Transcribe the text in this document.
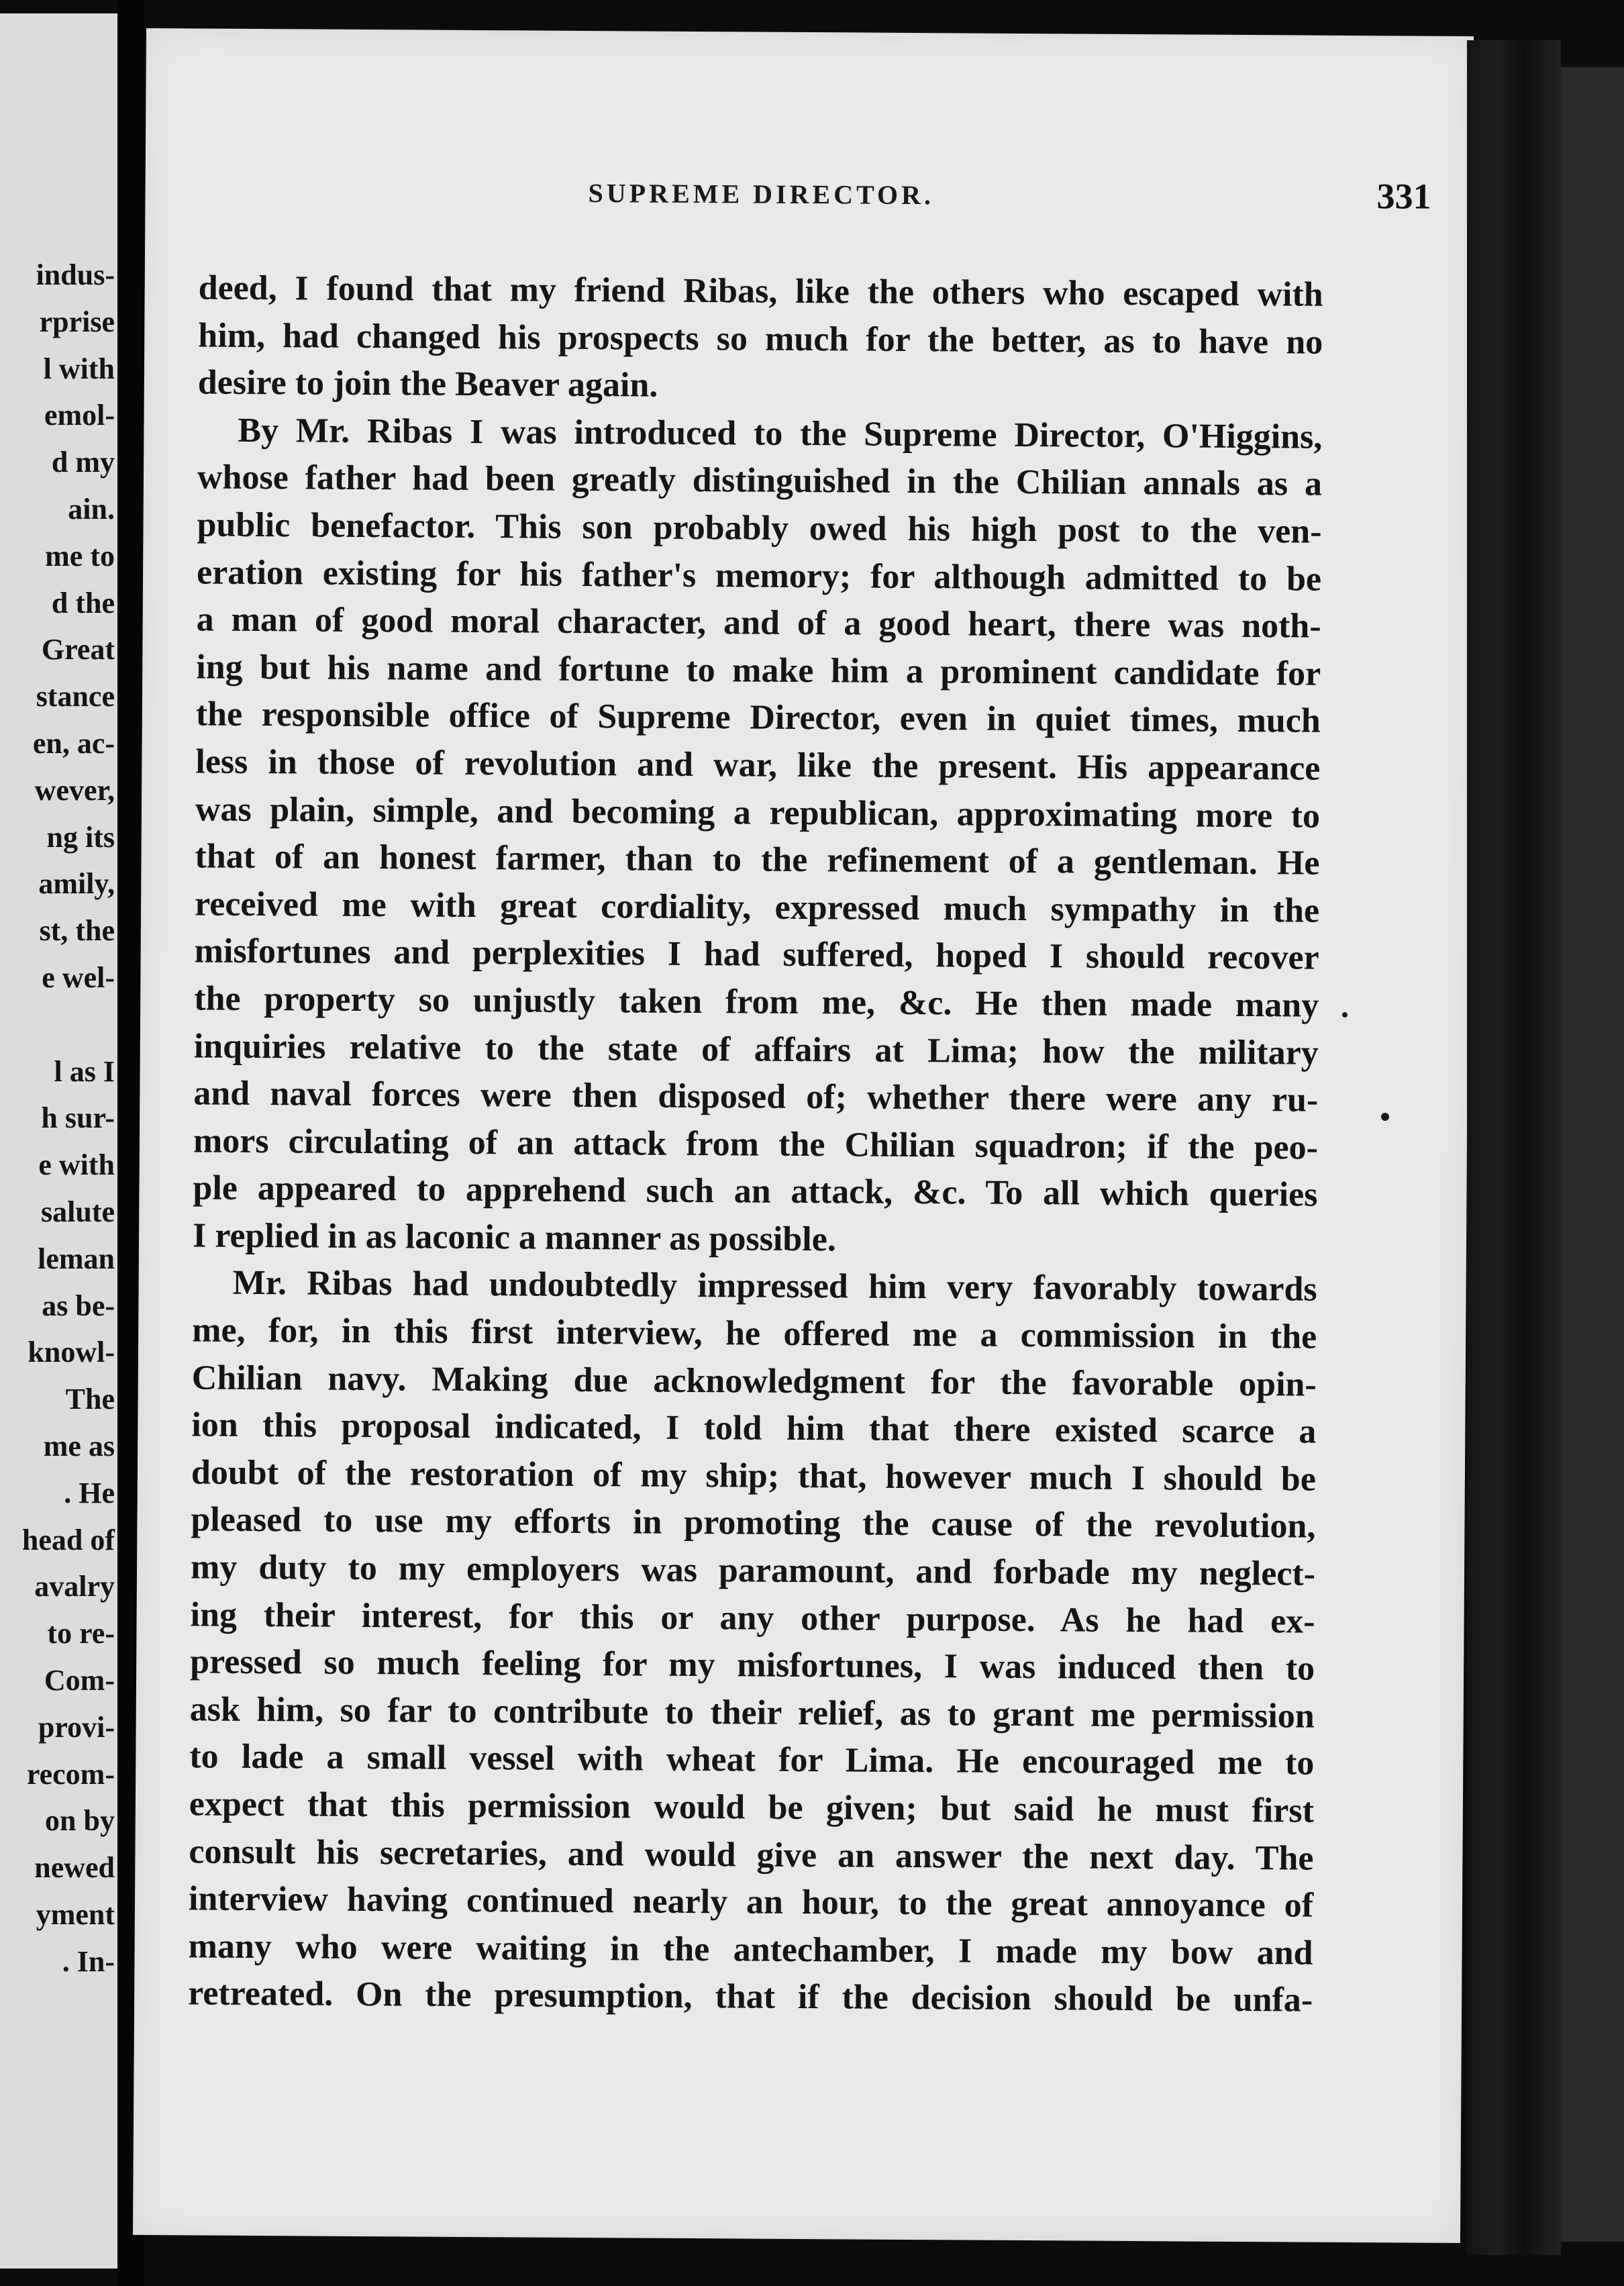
indus-
rprise
l with
emol-
d my
ain.
me to
d the
Great
stance
en, ac-
wever,
ng its
amily,
st, the
e wel-

l as I
h sur-
e with
salute
leman
as be-
knowl-
The
me as
. He
head of
avalry
to re-
Com-
provi-
recom-
on by
newed
yment
. In-
SUPREME DIRECTOR.	331
deed, I found that my friend Ribas, like the others who escaped with
him, had changed his prospects so much for the better, as to have no
desire to join the Beaver again.
By Mr. Ribas I was introduced to the Supreme Director, O'Higgins,
whose father had been greatly distinguished in the Chilian annals as a
public benefactor. This son probably owed his high post to the ven-
eration existing for his father's memory; for although admitted to be
a man of good moral character, and of a good heart, there was noth-
ing but his name and fortune to make him a prominent candidate for
the responsible office of Supreme Director, even in quiet times, much
less in those of revolution and war, like the present. His appearance
was plain, simple, and becoming a republican, approximating more to
that of an honest farmer, than to the refinement of a gentleman. He
received me with great cordiality, expressed much sympathy in the
misfortunes and perplexities I had suffered, hoped I should recover
the property so unjustly taken from me, &c. He then made many
inquiries relative to the state of affairs at Lima; how the military
and naval forces were then disposed of; whether there were any ru-
mors circulating of an attack from the Chilian squadron; if the peo-
ple appeared to apprehend such an attack, &c. To all which queries
I replied in as laconic a manner as possible.
Mr. Ribas had undoubtedly impressed him very favorably towards
me, for, in this first interview, he offered me a commission in the
Chilian navy. Making due acknowledgment for the favorable opin-
ion this proposal indicated, I told him that there existed scarce a
doubt of the restoration of my ship; that, however much I should be
pleased to use my efforts in promoting the cause of the revolution,
my duty to my employers was paramount, and forbade my neglect-
ing their interest, for this or any other purpose. As he had ex-
pressed so much feeling for my misfortunes, I was induced then to
ask him, so far to contribute to their relief, as to grant me permission
to lade a small vessel with wheat for Lima. He encouraged me to
expect that this permission would be given; but said he must first
consult his secretaries, and would give an answer the next day. The
interview having continued nearly an hour, to the great annoyance of
many who were waiting in the antechamber, I made my bow and
retreated. On the presumption, that if the decision should be unfa-
